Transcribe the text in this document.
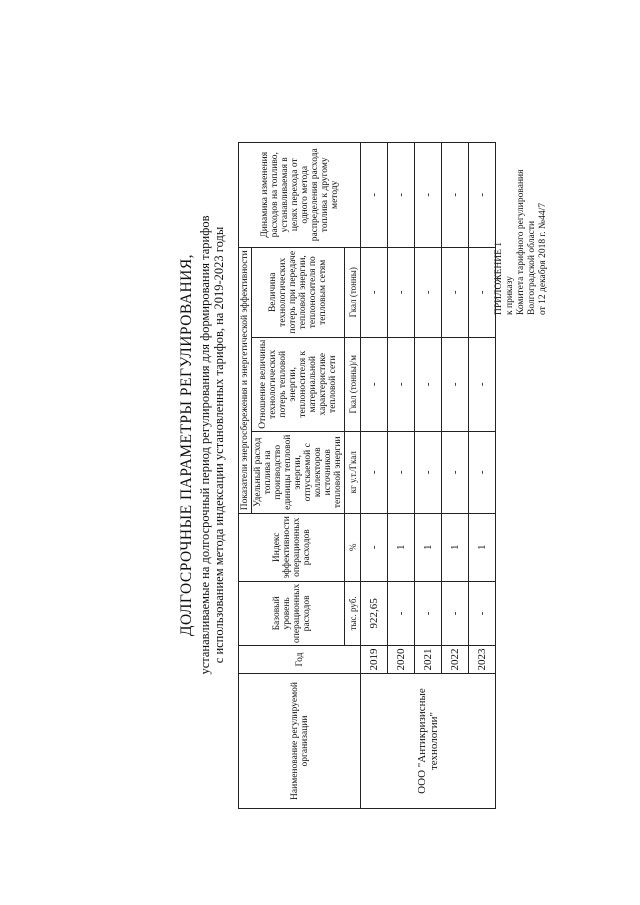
ПРИЛОЖЕНИЕ 1 к приказу Комитета тарифного регулирования Волгоградской области от 12 декабря 2018 г. №44/7
ДОЛГОСРОЧНЫЕ ПАРАМЕТРЫ РЕГУЛИРОВАНИЯ, устанавливаемые на долгосрочный период регулирования для формирования тарифов с использованием метода индексации установленных тарифов, на 2019-2023 годы
Наименование регулируемой организации	Год	Базовый уровень операционных расходов	Индекс эффективности операционных расходов	Показатели энергосбережения и энергетической эффективности			Динамика изменения расходов на топливо, устанавливаемая в целях перехода от одного метода распределения расхода топлива к другому методу
				Удельный расход топлива на производство единицы тепловой энергии, отпускаемой с коллекторов источников тепловой энергии	Отношение величины технологических потерь тепловой энергии, теплоносителя к материальной характеристике тепловой сети	Величина технологических потерь при передаче тепловой энергии, теплоносителя по тепловым сетям	
		тыс. руб.	%	кг у.т./Гкал	Гкал (тонны)/м	Гкал (тонны)	

ООО "Антикризисные технологии"	2019	922,65	-	-	-	-	-
	2020	-	1	-	-	-	-
	2021	-	1	-	-	-	-
	2022	-	1	-	-	-	-
	2023	-	1	-	-	-	-
